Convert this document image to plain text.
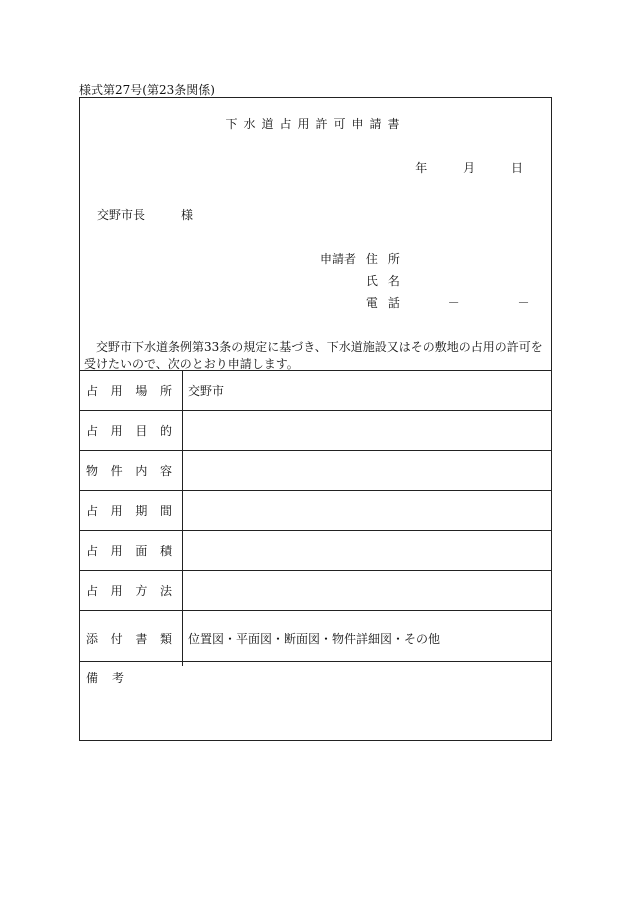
様式第27号(第23条関係)
下水道占用許可申請書
年	月	日
交野市長	様
申請者 住所
氏名
電話	－	－
交野市下水道条例第33条の規定に基づき、下水道施設又はその敷地の占用の許可を受けたいので、次のとおり申請します。
占 用 場 所	交野市

占 用 目 的	

物 件 内 容	

占 用 期 間	

占 用 面 積	

占 用 方 法	

添 付 書 類	位置図・平面図・断面図・物件詳細図・その他
備考
